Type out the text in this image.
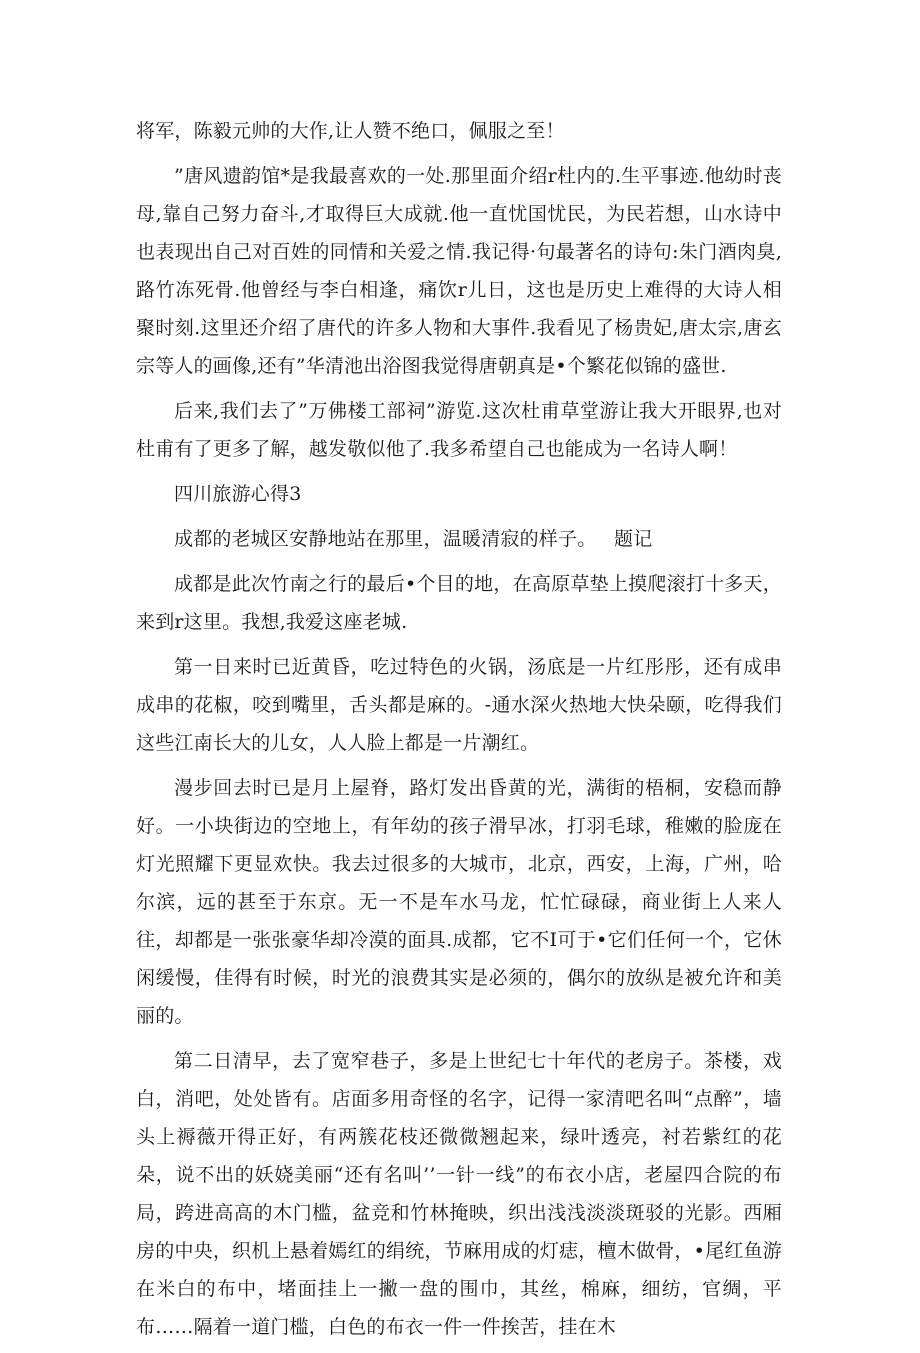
将军，陈毅元帅的大作,让人赞不绝口，佩服之至！

”唐风遗韵馆*是我最喜欢的一处.那里面介绍r杜内的.生平事迹.他幼时丧母,靠自己努力奋斗,才取得巨大成就.他一直忧国忧民，为民若想，山水诗中也表现出自己对百姓的同情和关爱之情.我记得·句最著名的诗句:朱门酒肉臭,路竹冻死骨.他曾经与李白相逢，痛饮r儿日，这也是历史上难得的大诗人相聚时刻.这里还介绍了唐代的许多人物和大事件.我看见了杨贵妃,唐太宗,唐玄宗等人的画像,还有”华清池出浴图我觉得唐朝真是•个繁花似锦的盛世.

后来,我们去了”万佛楼工部祠”游览.这次杜甫草堂游让我大开眼界,也对杜甫有了更多了解，越发敬似他了.我多希望自己也能成为一名诗人啊！

四川旅游心得3
成都的老城区安静地站在那里，温暖清寂的样子。 题记

成都是此次竹南之行的最后•个目的地，在高原草垫上摸爬滚打十多天，来到r这里。我想,我爱这座老城.

第一日来时已近黄昏，吃过特色的火锅，汤底是一片红彤彤，还有成串成串的花椒，咬到嘴里，舌头都是麻的。-通水深火热地大快朵颐，吃得我们这些江南长大的儿女，人人脸上都是一片潮红。

漫步回去时已是月上屋脊，路灯发出昏黄的光，满街的梧桐，安稳而静好。一小块街边的空地上，有年幼的孩子滑早冰，打羽毛球，稚嫩的脸庞在灯光照耀下更显欢快。我去过很多的大城市，北京，西安，上海，广州，哈尔滨，远的甚至于东京。无一不是车水马龙，忙忙碌碌，商业街上人来人往，却都是一张张豪华却冷漠的面具.成都，它不I可于•它们任何一个，它休闲缓慢，佳得有时候，时光的浪费其实是必须的，偶尔的放纵是被允许和美丽的。

第二日清早，去了宽窄巷子，多是上世纪七十年代的老房子。茶楼，戏白，消吧，处处皆有。店面多用奇怪的名字，记得一家清吧名叫“点醉”，墙头上褥薇开得正好，有两簇花枝还微微翘起来，绿叶透亮，衬若紫红的花朵，说不出的妖娆美丽“还有名叫’’一针一线”的布衣小店，老屋四合院的布局，跨进高高的木门槛，盆竞和竹林掩映，织出浅浅淡淡斑驳的光影。西厢房的中央，织机上悬着嫣红的绢统，节麻用成的灯痣，檀木做骨，•尾红鱼游在米白的布中，堵面挂上一撇一盘的围巾，其丝，棉麻，细纺，官绸，平布……隔着一道门槛，白色的布衣一件一件挨苦，挂在木
